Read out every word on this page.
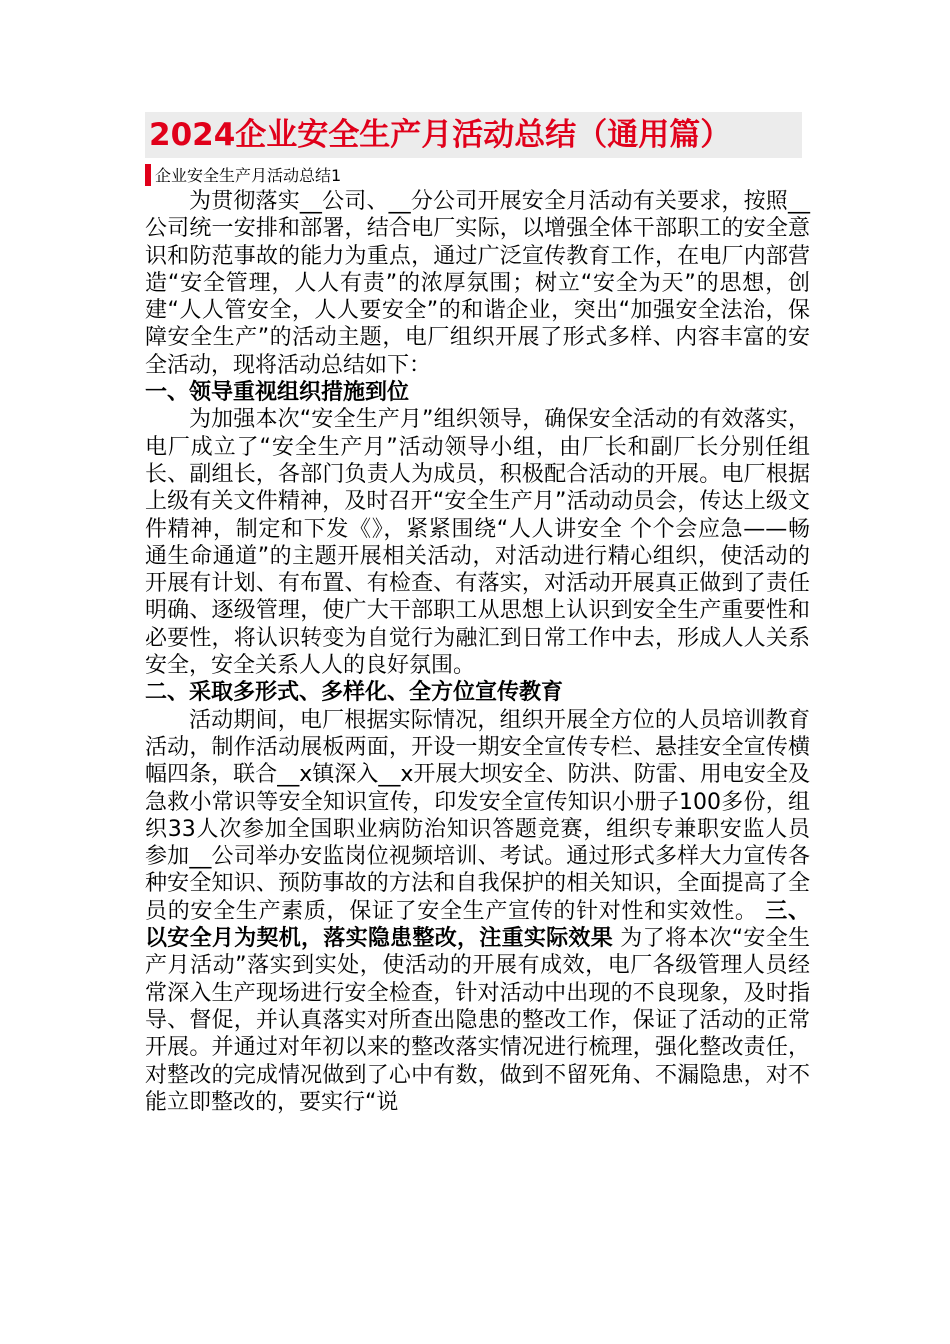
2024企业安全生产月活动总结（通用篇）
企业安全生产月活动总结1

为贯彻落实__公司、__分公司开展安全月活动有关要求，按照__公司统一安排和部署，结合电厂实际，以增强全体干部职工的安全意识和防范事故的能力为重点，通过广泛宣传教育工作，在电厂内部营造“安全管理，人人有责”的浓厚氛围；树立“安全为天”的思想，创建“人人管安全，人人要安全”的和谐企业，突出“加强安全法治，保障安全生产”的活动主题，电厂组织开展了形式多样、内容丰富的安全活动，现将活动总结如下：

一、领导重视组织措施到位

为加强本次“安全生产月”组织领导，确保安全活动的有效落实，电厂成立了“安全生产月”活动领导小组，由厂长和副厂长分别任组长、副组长，各部门负责人为成员，积极配合活动的开展。电厂根据上级有关文件精神，及时召开“安全生产月”活动动员会，传达上级文件精神，制定和下发《》，紧紧围绕“人人讲安全 个个会应急——畅通生命通道”的主题开展相关活动，对活动进行精心组织，使活动的开展有计划、有布置、有检查、有落实，对活动开展真正做到了责任明确、逐级管理，使广大干部职工从思想上认识到安全生产重要性和必要性，将认识转变为自觉行为融汇到日常工作中去，形成人人关系安全，安全关系人人的良好氛围。

二、采取多形式、多样化、全方位宣传教育

活动期间，电厂根据实际情况，组织开展全方位的人员培训教育活动，制作活动展板两面，开设一期安全宣传专栏、悬挂安全宣传横幅四条，联合__x镇深入__x开展大坝安全、防洪、防雷、用电安全及急救小常识等安全知识宣传，印发安全宣传知识小册子100多份，组织33人次参加全国职业病防治知识答题竞赛，组织专兼职安监人员参加__公司举办安监岗位视频培训、考试。通过形式多样大力宣传各种安全知识、预防事故的方法和自我保护的相关知识，全面提高了全员的安全生产素质，保证了安全生产宣传的针对性和实效性。 三、以安全月为契机，落实隐患整改，注重实际效果 为了将本次“安全生产月活动”落实到实处，使活动的开展有成效，电厂各级管理人员经常深入生产现场进行安全检查，针对活动中出现的不良现象，及时指导、督促，并认真落实对所查出隐患的整改工作，保证了活动的正常开展。并通过对年初以来的整改落实情况进行梳理，强化整改责任，对整改的完成情况做到了心中有数，做到不留死角、不漏隐患，对不能立即整改的，要实行“说
